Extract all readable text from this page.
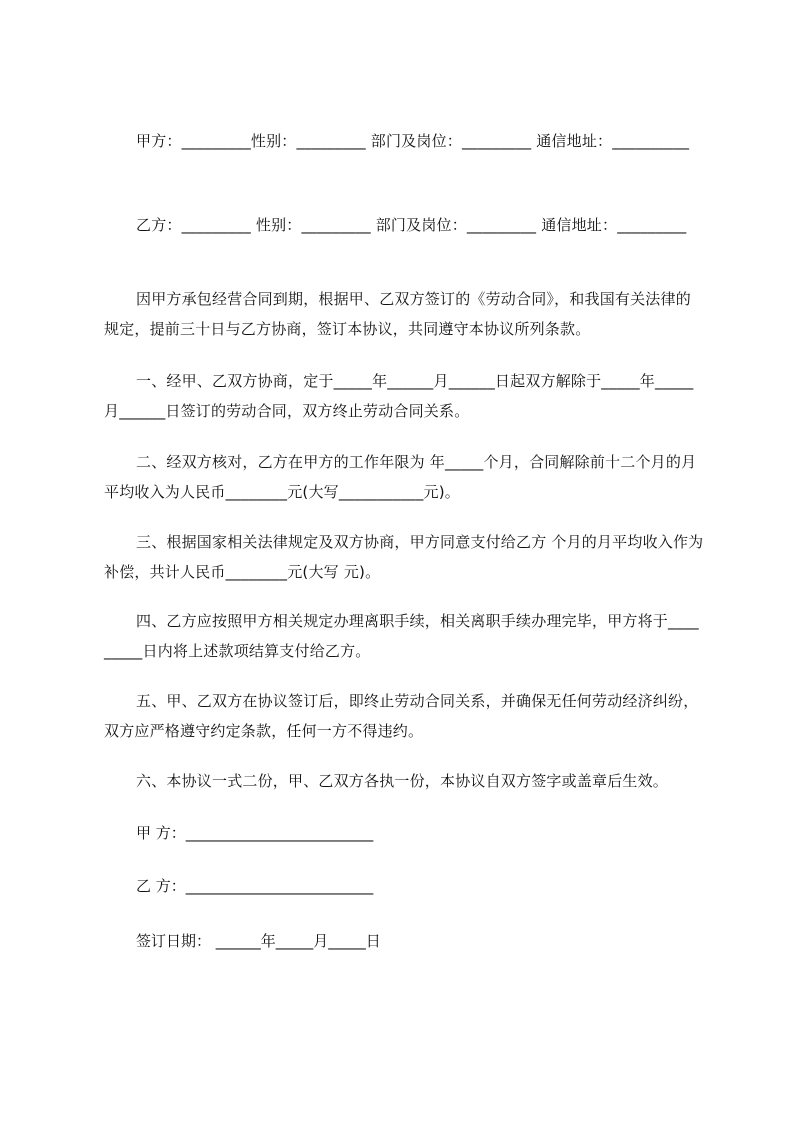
甲方：_________性别：_________ 部门及岗位：_________ 通信地址：__________
乙方：_________ 性别：_________ 部门及岗位：_________ 通信地址：_________
因甲方承包经营合同到期，根据甲、乙双方签订的《劳动合同》，和我国有关法律的规定，提前三十日与乙方协商，签订本协议，共同遵守本协议所列条款。
一、经甲、乙双方协商，定于_____年______月______日起双方解除于_____年_____月______日签订的劳动合同，双方终止劳动合同关系。
二、经双方核对，乙方在甲方的工作年限为 年_____个月，合同解除前十二个月的月平均收入为人民币________元(大写___________元)。
三、根据国家相关法律规定及双方协商，甲方同意支付给乙方 个月的月平均收入作为补偿，共计人民币________元(大写 元)。
四、乙方应按照甲方相关规定办理离职手续，相关离职手续办理完毕，甲方将于_________日内将上述款项结算支付给乙方。
五、甲、乙双方在协议签订后，即终止劳动合同关系，并确保无任何劳动经济纠纷，双方应严格遵守约定条款，任何一方不得违约。
六、本协议一式二份，甲、乙双方各执一份，本协议自双方签字或盖章后生效。
甲 方：_________________________
乙 方：_________________________
签订日期： ______年_____月_____日
